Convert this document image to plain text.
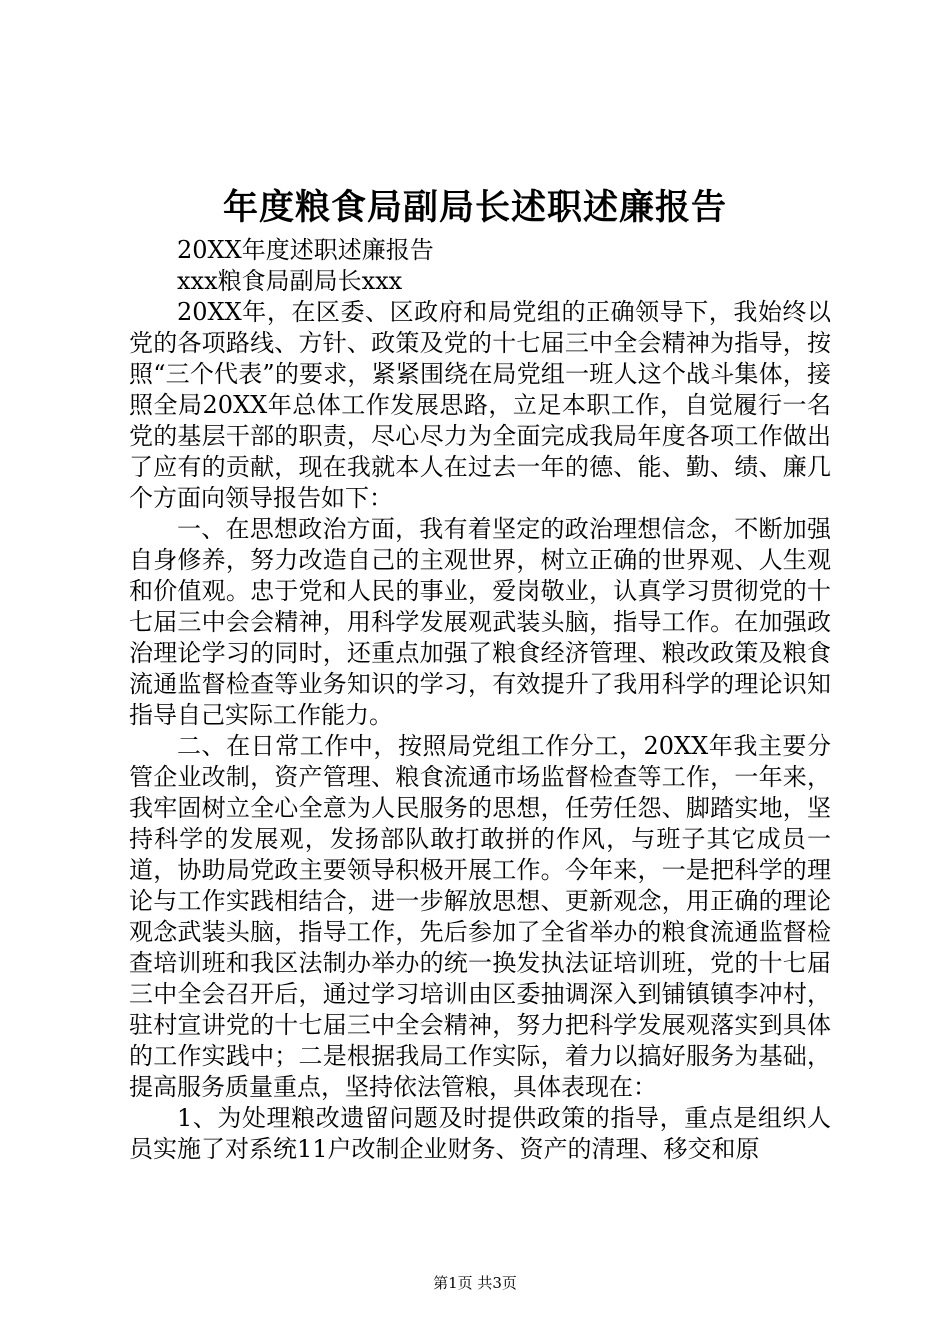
年度粮食局副局长述职述廉报告

20XX年度述职述廉报告

xxx粮食局副局长xxx

20XX年，在区委、区政府和局党组的正确领导下，我始终以党的各项路线、方针、政策及党的十七届三中全会精神为指导，按照“三个代表”的要求，紧紧围绕在局党组一班人这个战斗集体，接照全局20XX年总体工作发展思路，立足本职工作，自觉履行一名党的基层干部的职责，尽心尽力为全面完成我局年度各项工作做出了应有的贡献，现在我就本人在过去一年的德、能、勤、绩、廉几个方面向领导报告如下：

一、在思想政治方面，我有着坚定的政治理想信念，不断加强自身修养，努力改造自己的主观世界，树立正确的世界观、人生观和价值观。忠于党和人民的事业，爱岗敬业，认真学习贯彻党的十七届三中会会精神，用科学发展观武装头脑，指导工作。在加强政治理论学习的同时，还重点加强了粮食经济管理、粮改政策及粮食流通监督检查等业务知识的学习，有效提升了我用科学的理论识知指导自己实际工作能力。

二、在日常工作中，按照局党组工作分工，20XX年我主要分管企业改制，资产管理、粮食流通市场监督检查等工作，一年来，我牢固树立全心全意为人民服务的思想，任劳任怨、脚踏实地，坚持科学的发展观，发扬部队敢打敢拼的作风，与班子其它成员一道，协助局党政主要领导积极开展工作。今年来，一是把科学的理论与工作实践相结合，进一步解放思想、更新观念，用正确的理论观念武装头脑，指导工作，先后参加了全省举办的粮食流通监督检查培训班和我区法制办举办的统一换发执法证培训班，党的十七届三中全会召开后，通过学习培训由区委抽调深入到铺镇镇李冲村，驻村宣讲党的十七届三中全会精神，努力把科学发展观落实到具体的工作实践中；二是根据我局工作实际，着力以搞好服务为基础，提高服务质量重点，坚持依法管粮，具体表现在：

1、为处理粮改遗留问题及时提供政策的指导，重点是组织人员实施了对系统11户改制企业财务、资产的清理、移交和原

第1页 共3页
